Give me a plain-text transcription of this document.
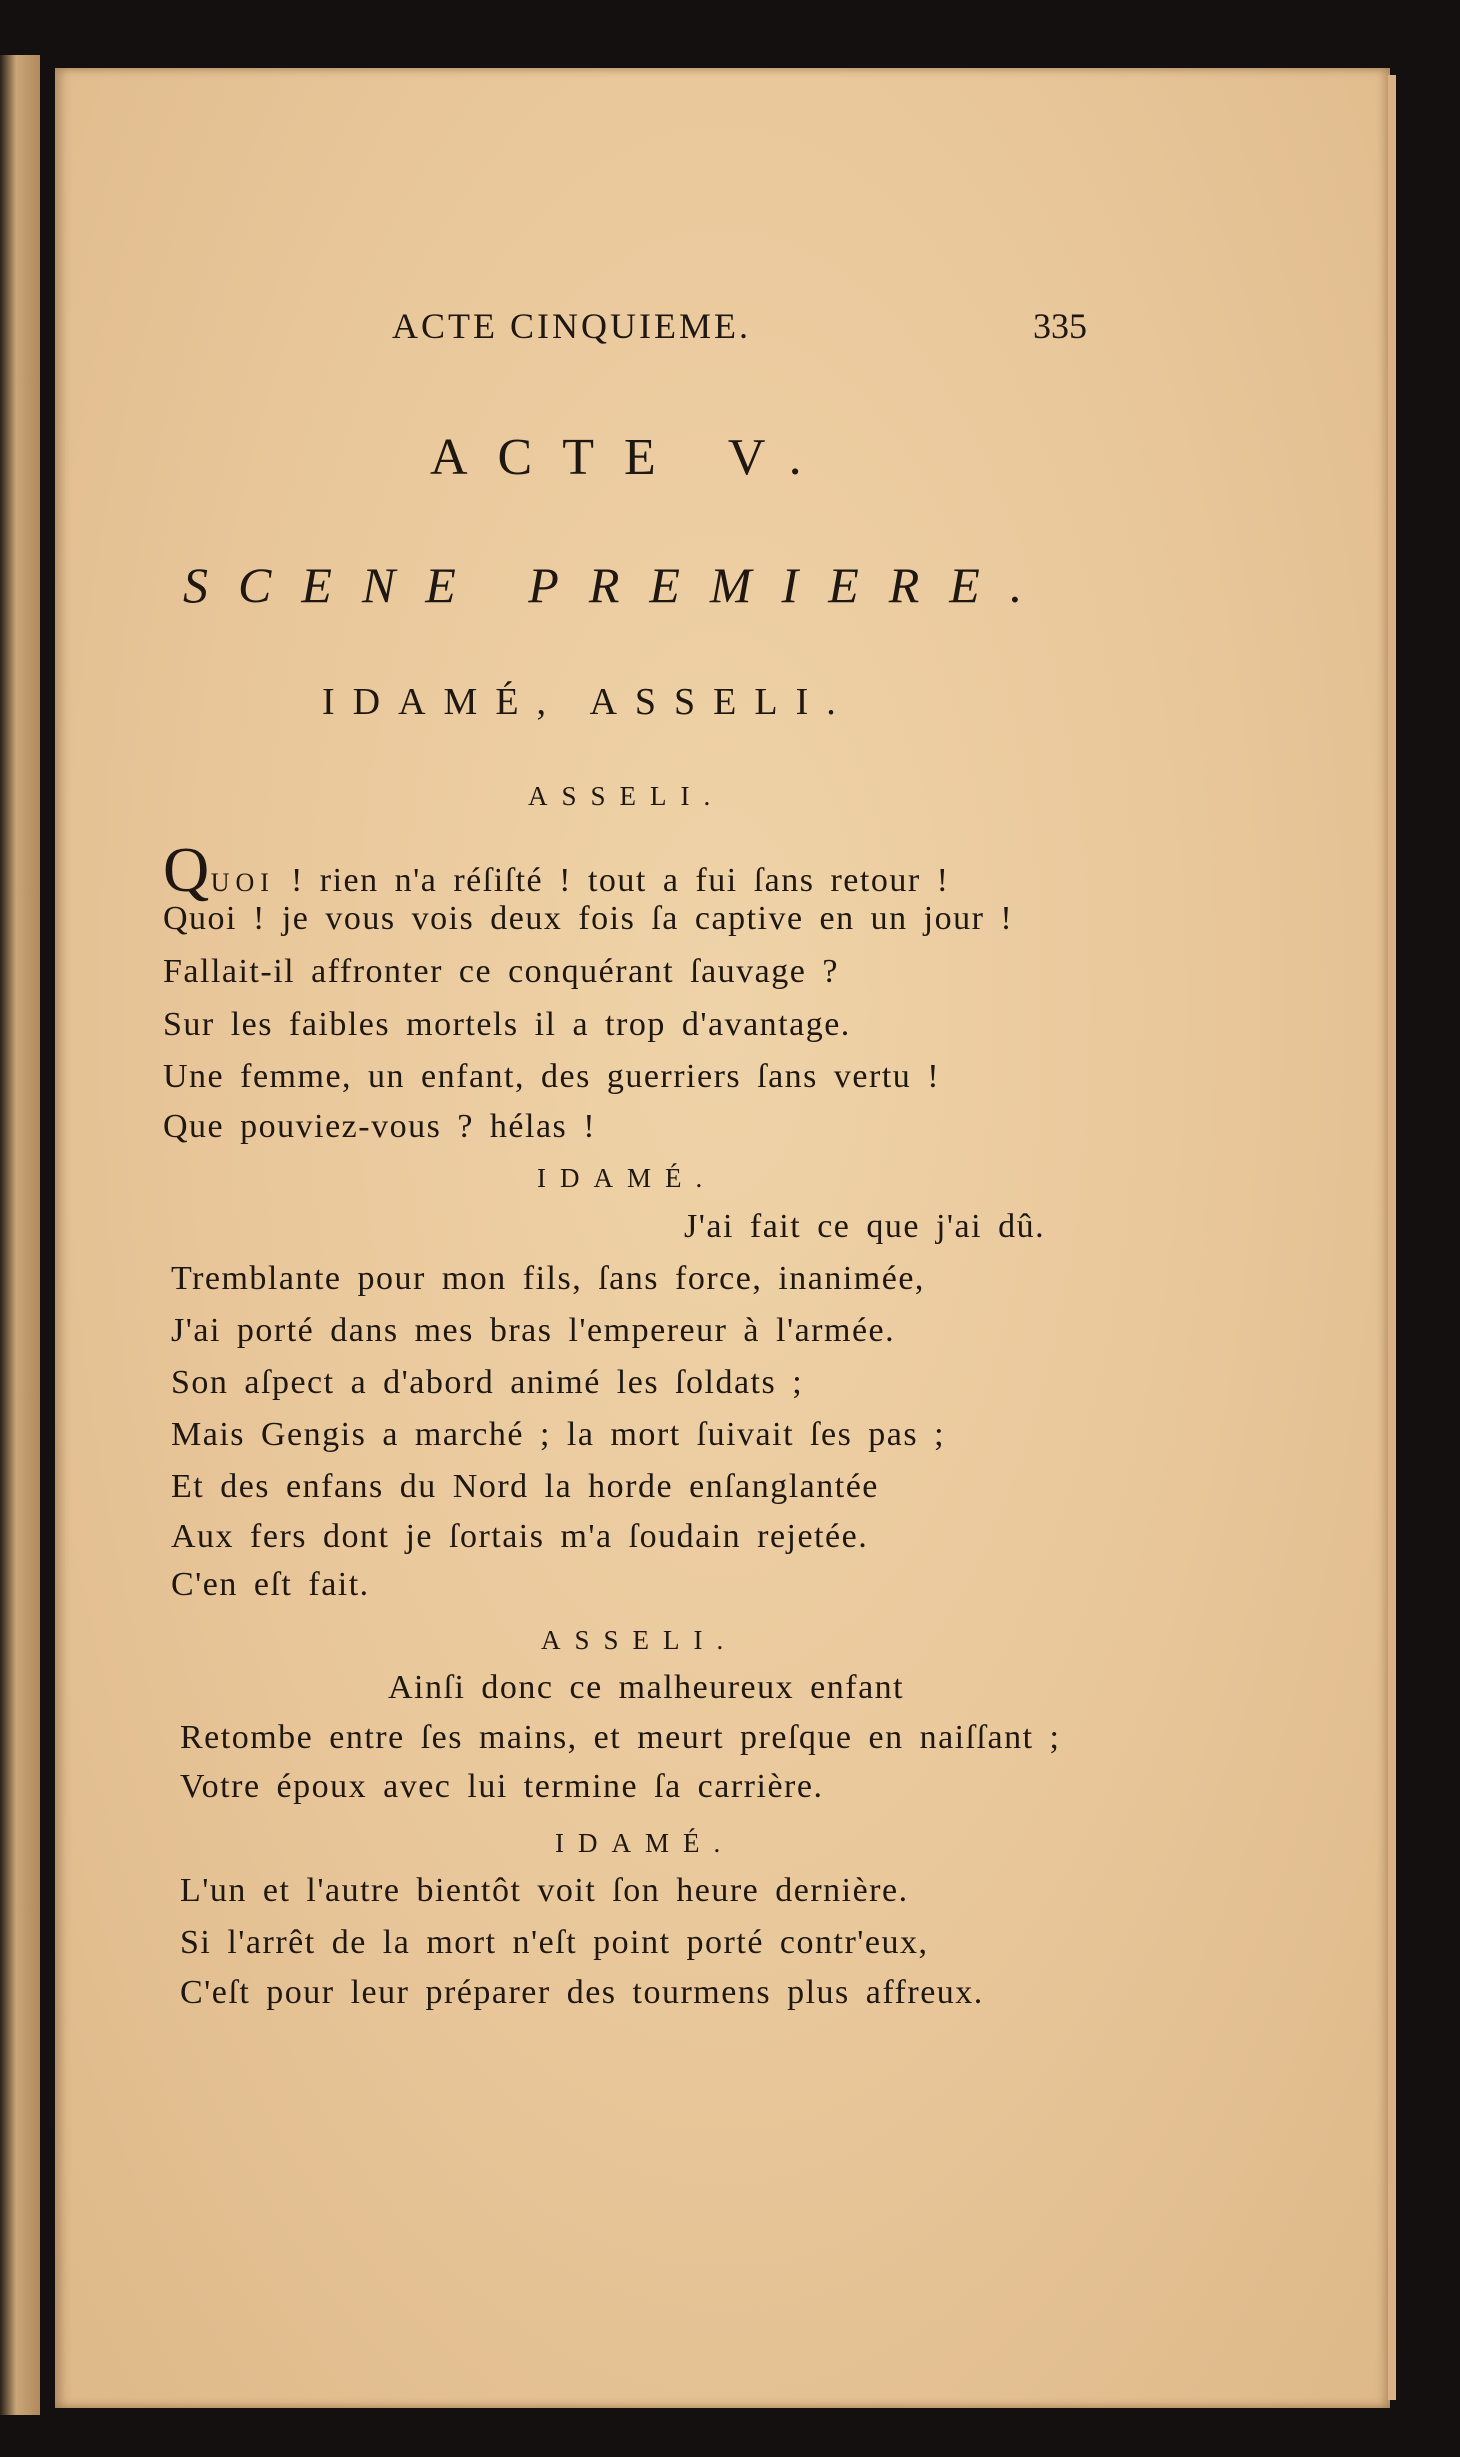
ACTE CINQUIEME.	335
ACTE V.
SCENE PREMIERE.
IDAMÉ, ASSELI.
ASSELI.
QUOI ! rien n'a réſiſté ! tout a fui ſans retour !
Quoi ! je vous vois deux fois ſa captive en un jour !
Fallait-il affronter ce conquérant ſauvage ?
Sur les faibles mortels il a trop d'avantage.
Une femme, un enfant, des guerriers ſans vertu !
Que pouviez-vous ? hélas !
IDAMÉ.
J'ai fait ce que j'ai dû.
Tremblante pour mon fils, ſans force, inanimée,
J'ai porté dans mes bras l'empereur à l'armée.
Son aſpect a d'abord animé les ſoldats ;
Mais Gengis a marché ; la mort ſuivait ſes pas ;
Et des enfans du Nord la horde enſanglantée
Aux fers dont je ſortais m'a ſoudain rejetée.
C'en eſt fait.
ASSELI.
Ainſi donc ce malheureux enfant
Retombe entre ſes mains, et meurt preſque en naiſſant ;
Votre époux avec lui termine ſa carrière.
IDAMÉ.
L'un et l'autre bientôt voit ſon heure dernière.
Si l'arrêt de la mort n'eſt point porté contr'eux,
C'eſt pour leur préparer des tourmens plus affreux.
